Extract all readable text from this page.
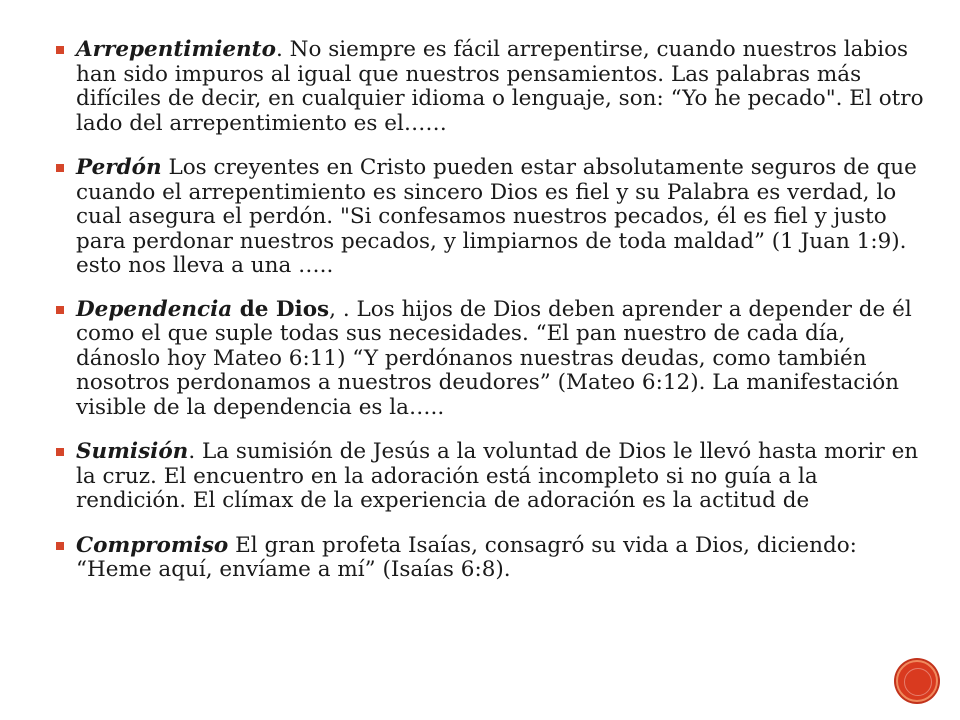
Arrepentimiento. No siempre es fácil arrepentirse, cuando nuestros labios han sido impuros al igual que nuestros pensamientos. Las palabras más difíciles de decir, en cualquier idioma o lenguaje, son: “Yo he pecado". El otro lado del arrepentimiento es el……
Perdón Los creyentes en Cristo pueden estar absolutamente seguros de que cuando el arrepentimiento es sincero Dios es fiel y su Palabra es verdad, lo cual asegura el perdón. "Si confesamos nuestros pecados, él es fiel y justo para perdonar nuestros pecados, y limpiarnos de toda maldad” (1 Juan 1:9). esto nos lleva a una …..
Dependencia de Dios, . Los hijos de Dios deben aprender a depender de él como el que suple todas sus necesidades. “El pan nuestro de cada día, dánoslo hoy Mateo 6:11) “Y perdónanos nuestras deudas, como también nosotros perdonamos a nuestros deudores” (Mateo 6:12). La manifestación visible de la dependencia es la…..
Sumisión. La sumisión de Jesús a la voluntad de Dios le llevó hasta morir en la cruz. El encuentro en la adoración está incompleto si no guía a la rendición. El clímax de la experiencia de adoración es la actitud de
Compromiso El gran profeta Isaías, consagró su vida a Dios, diciendo: “Heme aquí, envíame a mí” (Isaías 6:8).
